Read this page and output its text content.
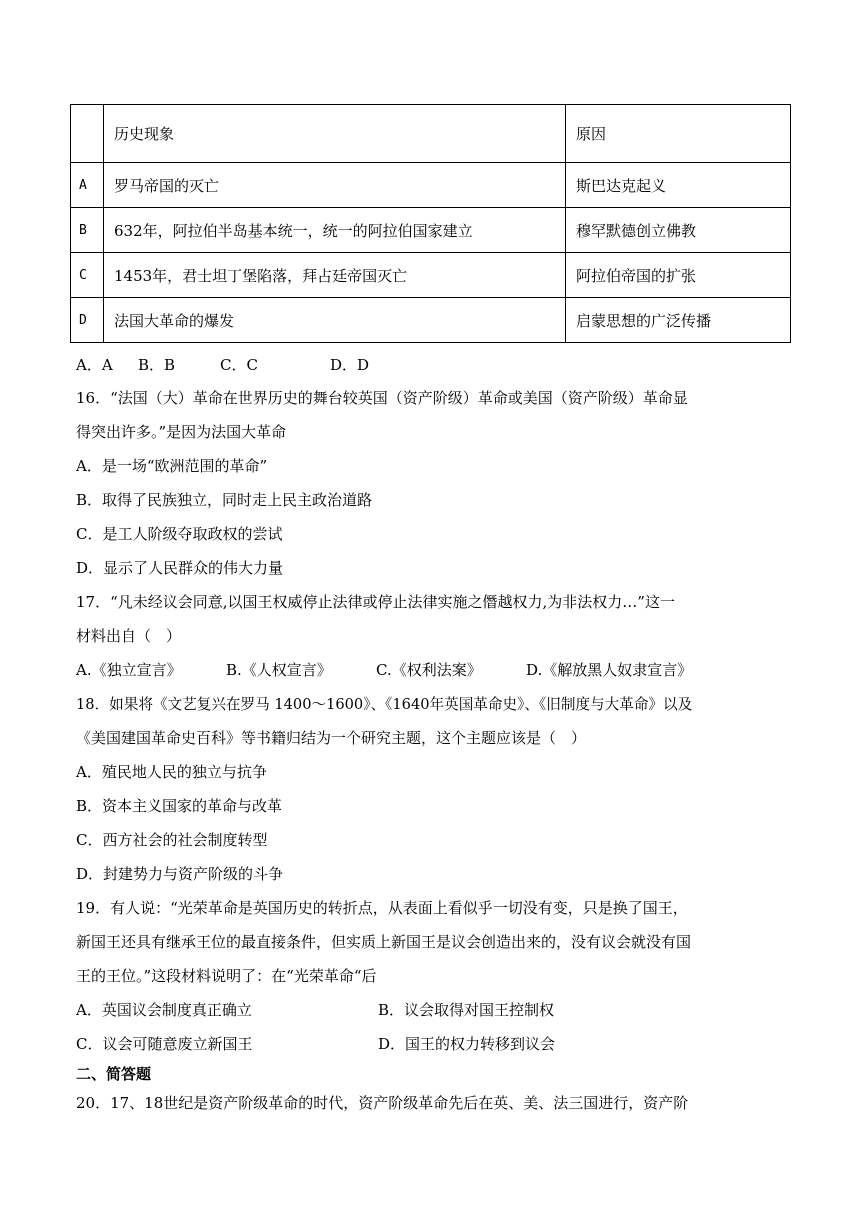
	历史现象	原因
A	罗马帝国的灭亡	斯巴达克起义
B	632年，阿拉伯半岛基本统一，统一的阿拉伯国家建立	穆罕默德创立佛教
C	1453年，君士坦丁堡陷落，拜占廷帝国灭亡	阿拉伯帝国的扩张
D	法国大革命的爆发	启蒙思想的广泛传播
A．A B．B	C．C	D．D
16．“法国（大）革命在世界历史的舞台较英国（资产阶级）革命或美国（资产阶级）革命显
得突出许多。”是因为法国大革命
A．是一场“欧洲范围的革命”
B．取得了民族独立，同时走上民主政治道路
C．是工人阶级夺取政权的尝试
D．显示了人民群众的伟大力量
17．“凡未经议会同意,以国王权威停止法律或停止法律实施之僭越权力,为非法权力…”这一
材料出自（　）
A.《独立宣言》	B.《人权宣言》	C.《权利法案》	D.《解放黑人奴隶宣言》
18．如果将《文艺复兴在罗马 1400～1600》、《1640年英国革命史》、《旧制度与大革命》以及
《美国建国革命史百科》等书籍归结为一个研究主题，这个主题应该是（　）
A．殖民地人民的独立与抗争
B．资本主义国家的革命与改革
C．西方社会的社会制度转型
D．封建势力与资产阶级的斗争
19．有人说：“光荣革命是英国历史的转折点，从表面上看似乎一切没有变，只是换了国王，
新国王还具有继承王位的最直接条件，但实质上新国王是议会创造出来的，没有议会就没有国
王的王位。”这段材料说明了：在“光荣革命“后
A．英国议会制度真正确立	B．议会取得对国王控制权
C．议会可随意废立新国王	D．国王的权力转移到议会
二、简答题
20．17、18世纪是资产阶级革命的时代，资产阶级革命先后在英、美、法三国进行，资产阶
